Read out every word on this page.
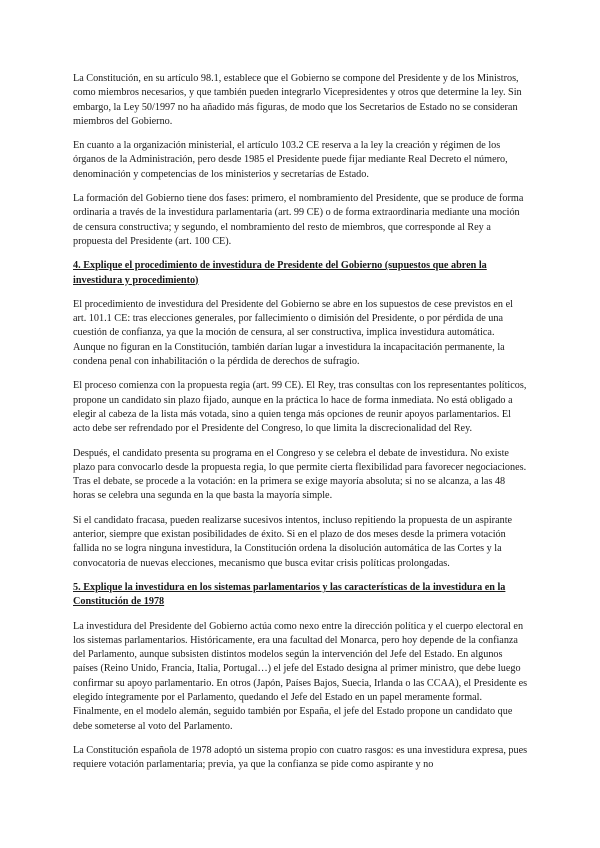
La Constitución, en su artículo 98.1, establece que el Gobierno se compone del Presidente y de los Ministros, como miembros necesarios, y que también pueden integrarlo Vicepresidentes y otros que determine la ley. Sin embargo, la Ley 50/1997 no ha añadido más figuras, de modo que los Secretarios de Estado no se consideran miembros del Gobierno.

En cuanto a la organización ministerial, el artículo 103.2 CE reserva a la ley la creación y régimen de los órganos de la Administración, pero desde 1985 el Presidente puede fijar mediante Real Decreto el número, denominación y competencias de los ministerios y secretarías de Estado.

La formación del Gobierno tiene dos fases: primero, el nombramiento del Presidente, que se produce de forma ordinaria a través de la investidura parlamentaria (art. 99 CE) o de forma extraordinaria mediante una moción de censura constructiva; y segundo, el nombramiento del resto de miembros, que corresponde al Rey a propuesta del Presidente (art. 100 CE).

4. Explique el procedimiento de investidura de Presidente del Gobierno (supuestos que abren la investidura y procedimiento)

El procedimiento de investidura del Presidente del Gobierno se abre en los supuestos de cese previstos en el art. 101.1 CE: tras elecciones generales, por fallecimiento o dimisión del Presidente, o por pérdida de una cuestión de confianza, ya que la moción de censura, al ser constructiva, implica investidura automática. Aunque no figuran en la Constitución, también darían lugar a investidura la incapacitación permanente, la condena penal con inhabilitación o la pérdida de derechos de sufragio.

El proceso comienza con la propuesta regia (art. 99 CE). El Rey, tras consultas con los representantes políticos, propone un candidato sin plazo fijado, aunque en la práctica lo hace de forma inmediata. No está obligado a elegir al cabeza de la lista más votada, sino a quien tenga más opciones de reunir apoyos parlamentarios. El acto debe ser refrendado por el Presidente del Congreso, lo que limita la discrecionalidad del Rey.

Después, el candidato presenta su programa en el Congreso y se celebra el debate de investidura. No existe plazo para convocarlo desde la propuesta regia, lo que permite cierta flexibilidad para favorecer negociaciones. Tras el debate, se procede a la votación: en la primera se exige mayoría absoluta; si no se alcanza, a las 48 horas se celebra una segunda en la que basta la mayoría simple.

Si el candidato fracasa, pueden realizarse sucesivos intentos, incluso repitiendo la propuesta de un aspirante anterior, siempre que existan posibilidades de éxito. Si en el plazo de dos meses desde la primera votación fallida no se logra ninguna investidura, la Constitución ordena la disolución automática de las Cortes y la convocatoria de nuevas elecciones, mecanismo que busca evitar crisis políticas prolongadas.

5. Explique la investidura en los sistemas parlamentarios y las características de la investidura en la Constitución de 1978

La investidura del Presidente del Gobierno actúa como nexo entre la dirección política y el cuerpo electoral en los sistemas parlamentarios. Históricamente, era una facultad del Monarca, pero hoy depende de la confianza del Parlamento, aunque subsisten distintos modelos según la intervención del Jefe del Estado. En algunos países (Reino Unido, Francia, Italia, Portugal…) el jefe del Estado designa al primer ministro, que debe luego confirmar su apoyo parlamentario. En otros (Japón, Países Bajos, Suecia, Irlanda o las CCAA), el Presidente es elegido íntegramente por el Parlamento, quedando el Jefe del Estado en un papel meramente formal. Finalmente, en el modelo alemán, seguido también por España, el jefe del Estado propone un candidato que debe someterse al voto del Parlamento.

La Constitución española de 1978 adoptó un sistema propio con cuatro rasgos: es una investidura expresa, pues requiere votación parlamentaria; previa, ya que la confianza se pide como aspirante y no
